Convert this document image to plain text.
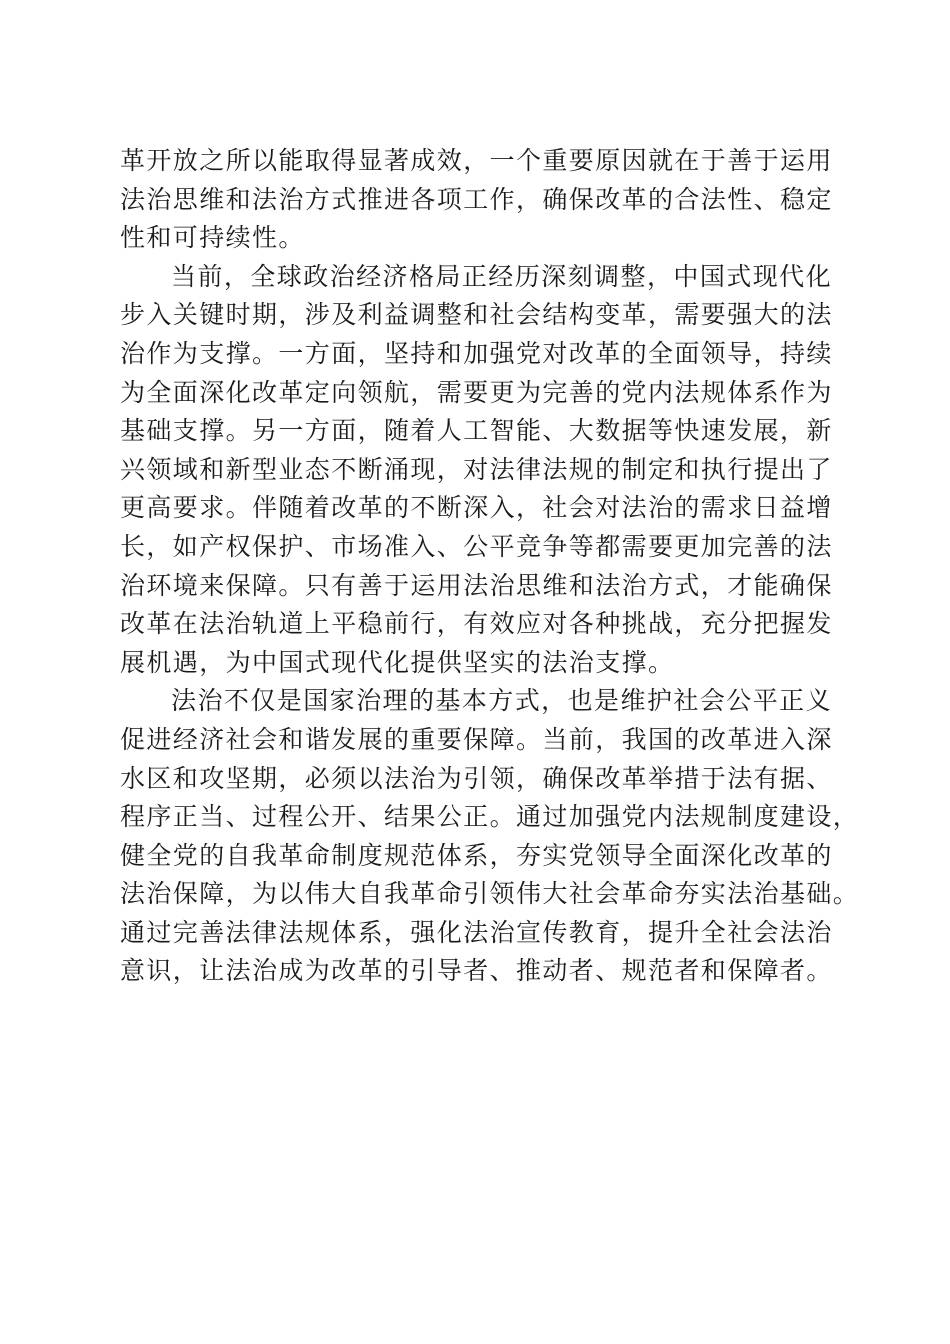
革开放之所以能取得显著成效，一个重要原因就在于善于运用
法治思维和法治方式推进各项工作，确保改革的合法性、稳定
性和可持续性。

当前，全球政治经济格局正经历深刻调整，中国式现代化
步入关键时期，涉及利益调整和社会结构变革，需要强大的法
治作为支撑。一方面，坚持和加强党对改革的全面领导，持续
为全面深化改革定向领航，需要更为完善的党内法规体系作为
基础支撑。另一方面，随着人工智能、大数据等快速发展，新
兴领域和新型业态不断涌现，对法律法规的制定和执行提出了
更高要求。伴随着改革的不断深入，社会对法治的需求日益增
长，如产权保护、市场准入、公平竞争等都需要更加完善的法
治环境来保障。只有善于运用法治思维和法治方式，才能确保
改革在法治轨道上平稳前行，有效应对各种挑战，充分把握发
展机遇，为中国式现代化提供坚实的法治支撑。

法治不仅是国家治理的基本方式，也是维护社会公平正义
促进经济社会和谐发展的重要保障。当前，我国的改革进入深
水区和攻坚期，必须以法治为引领，确保改革举措于法有据、
程序正当、过程公开、结果公正。通过加强党内法规制度建设，
健全党的自我革命制度规范体系，夯实党领导全面深化改革的
法治保障，为以伟大自我革命引领伟大社会革命夯实法治基础。
通过完善法律法规体系，强化法治宣传教育，提升全社会法治
意识，让法治成为改革的引导者、推动者、规范者和保障者。
